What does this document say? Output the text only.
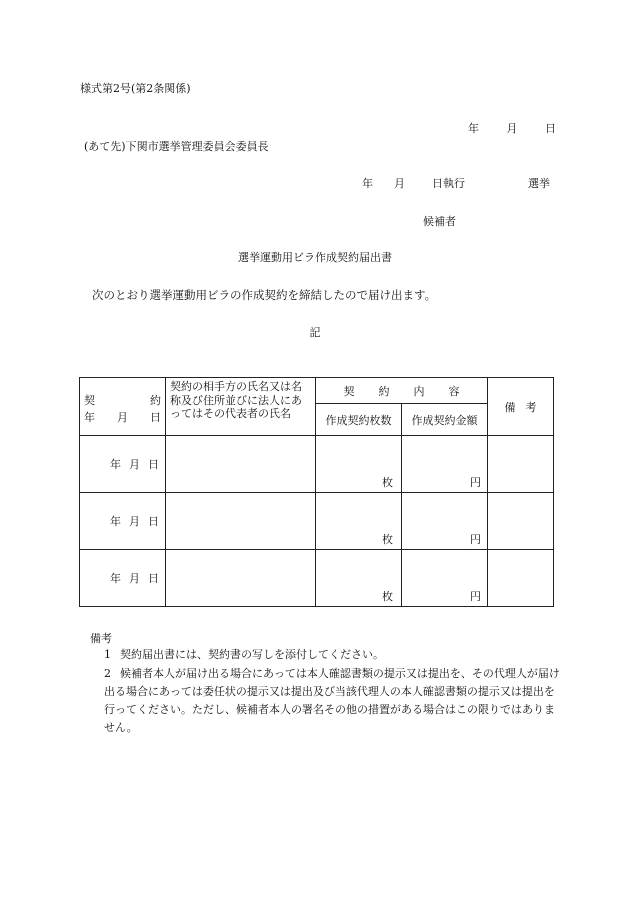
様式第2号(第2条関係)
年	月	日
(あて先)下関市選挙管理委員会委員長
年 月 日執行	選挙
候補者
選挙運動用ビラ作成契約届出書
次のとおり選挙運動用ビラの作成契約を締結したので届け出ます。
記
契 約
年 月 日	契約の相手方の氏名又は名称及び住所並びに法人にあってはその代表者の氏名	契 約 内 容		備 考
		作成契約枚数	作成契約金額	
年 月 日		枚	円	

年 月 日		枚	円	

年 月 日		枚	円	

備考
1 契約届出書には、契約書の写しを添付してください。
2 候補者本人が届け出る場合にあっては本人確認書類の提示又は提出を、その代理人が届け出る場合にあっては委任状の提示又は提出及び当該代理人の本人確認書類の提示又は提出を行ってください。ただし、候補者本人の署名その他の措置がある場合はこの限りではありません。
